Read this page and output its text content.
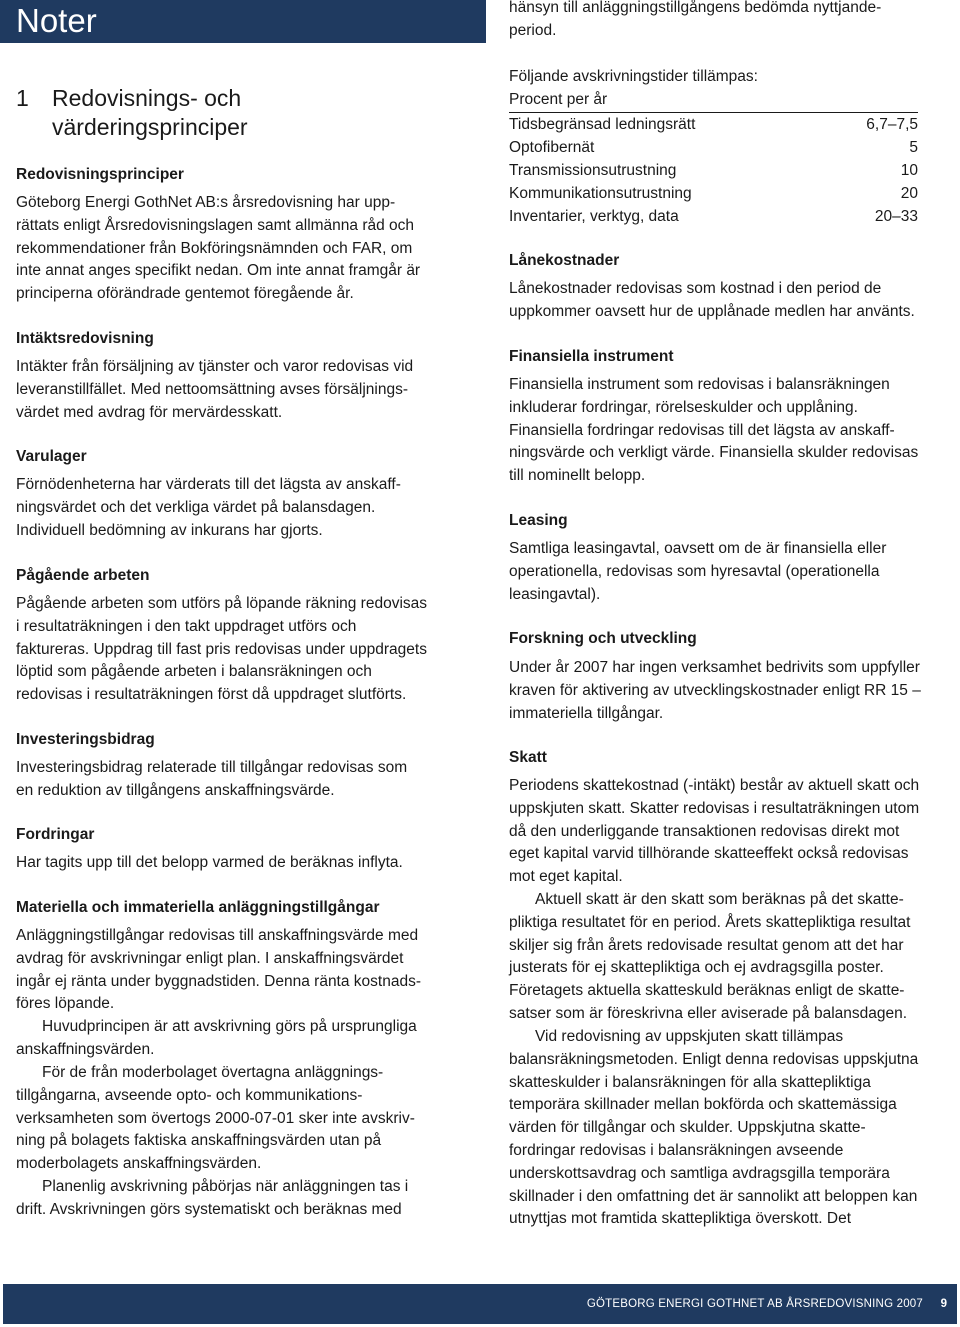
Noter
1 Redovisnings- och
värderingsprinciper
Redovisningsprinciper
Göteborg Energi GothNet AB:s årsredovisning har upp-
rättats enligt Årsredovisningslagen samt allmänna råd och
rekommendationer från Bokföringsnämnden och FAR, om
inte annat anges specifikt nedan. Om inte annat framgår är
principerna oförändrade gentemot föregående år.
Intäktsredovisning
Intäkter från försäljning av tjänster och varor redovisas vid
leveranstillfället. Med nettoomsättning avses försäljnings-
värdet med avdrag för mervärdesskatt.
Varulager
Förnödenheterna har värderats till det lägsta av anskaff-
ningsvärdet och det verkliga värdet på balansdagen.
Individuell bedömning av inkurans har gjorts.
Pågående arbeten
Pågående arbeten som utförs på löpande räkning redovisas
i resultaträkningen i den takt uppdraget utförs och
faktureras. Uppdrag till fast pris redovisas under uppdragets
löptid som pågående arbeten i balansräkningen och
redovisas i resultaträkningen först då uppdraget slutförts.
Investeringsbidrag
Investeringsbidrag relaterade till tillgångar redovisas som
en reduktion av tillgångens anskaffningsvärde.
Fordringar
Har tagits upp till det belopp varmed de beräknas inflyta.
Materiella och immateriella anläggningstillgångar
Anläggningstillgångar redovisas till anskaffningsvärde med
avdrag för avskrivningar enligt plan. I anskaffningsvärdet
ingår ej ränta under byggnadstiden. Denna ränta kostnads-
föres löpande.
Huvudprincipen är att avskrivning görs på ursprungliga
anskaffningsvärden.
För de från moderbolaget övertagna anläggnings-
tillgångarna, avseende opto- och kommunikations-
verksamheten som övertogs 2000-07-01 sker inte avskriv-
ning på bolagets faktiska anskaffningsvärden utan på
moderbolagets anskaffningsvärden.
Planenlig avskrivning påbörjas när anläggningen tas i
drift. Avskrivningen görs systematiskt och beräknas med
hänsyn till anläggningstillgångens bedömda nyttjande-
period.
Följande avskrivningstider tillämpas:
Procent per år
Tidsbegränsad ledningsrätt	6,7–7,5
Optofibernät	5
Transmissionsutrustning	10
Kommunikationsutrustning	20
Inventarier, verktyg, data	20–33
Lånekostnader
Lånekostnader redovisas som kostnad i den period de
uppkommer oavsett hur de upplånade medlen har använts.
Finansiella instrument
Finansiella instrument som redovisas i balansräkningen
inkluderar fordringar, rörelseskulder och upplåning.
Finansiella fordringar redovisas till det lägsta av anskaff-
ningsvärde och verkligt värde. Finansiella skulder redovisas
till nominellt belopp.
Leasing
Samtliga leasingavtal, oavsett om de är finansiella eller
operationella, redovisas som hyresavtal (operationella
leasingavtal).
Forskning och utveckling
Under år 2007 har ingen verksamhet bedrivits som uppfyller
kraven för aktivering av utvecklingskostnader enligt RR 15 –
immateriella tillgångar.
Skatt
Periodens skattekostnad (-intäkt) består av aktuell skatt och
uppskjuten skatt. Skatter redovisas i resultaträkningen utom
då den underliggande transaktionen redovisas direkt mot
eget kapital varvid tillhörande skatteeffekt också redovisas
mot eget kapital.
Aktuell skatt är den skatt som beräknas på det skatte-
pliktiga resultatet för en period. Årets skattepliktiga resultat
skiljer sig från årets redovisade resultat genom att det har
justerats för ej skattepliktiga och ej avdragsgilla poster.
Företagets aktuella skatteskuld beräknas enligt de skatte-
satser som är föreskrivna eller aviserade på balansdagen.
Vid redovisning av uppskjuten skatt tillämpas
balansräkningsmetoden. Enligt denna redovisas uppskjutna
skatteskulder i balansräkningen för alla skattepliktiga
temporära skillnader mellan bokförda och skattemässiga
värden för tillgångar och skulder. Uppskjutna skatte-
fordringar redovisas i balansräkningen avseende
underskottsavdrag och samtliga avdragsgilla temporära
skillnader i den omfattning det är sannolikt att beloppen kan
utnyttjas mot framtida skattepliktiga överskott. Det
GÖTEBORG ENERGI GOTHNET AB ÅRSREDOVISNING 2007 9
